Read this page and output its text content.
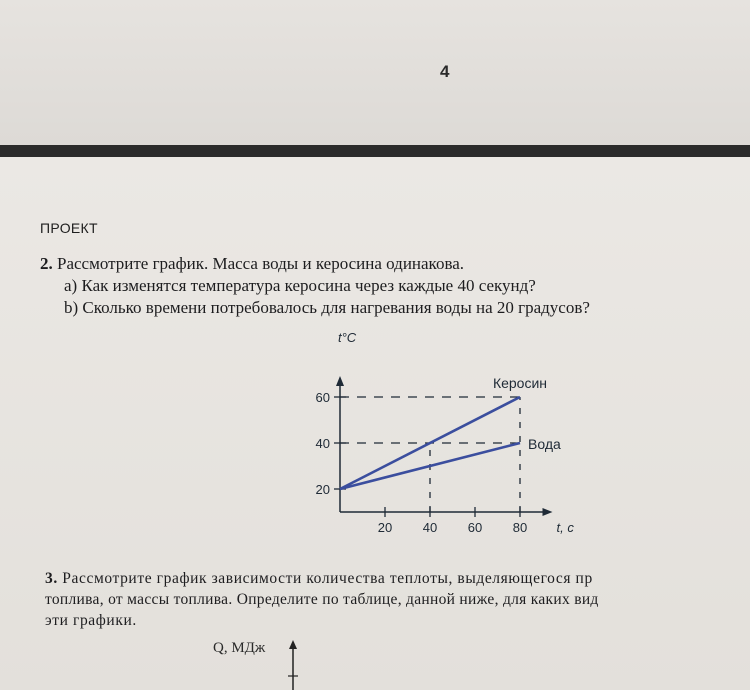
4
ПРОЕКТ
2. Рассмотрите график. Масса воды и керосина одинакова.
а) Как изменятся температура керосина через каждые 40 секунд?
b) Сколько времени потребовалось для нагревания воды на 20 градусов?
20
40
60
20 40 60 80
t°C
t, c
Керосин
Вода
3. Рассмотрите график зависимости количества теплоты, выделяющегося пр
топлива, от массы топлива. Определите по таблице, данной ниже, для каких вид
эти графики.
Q, МДж
